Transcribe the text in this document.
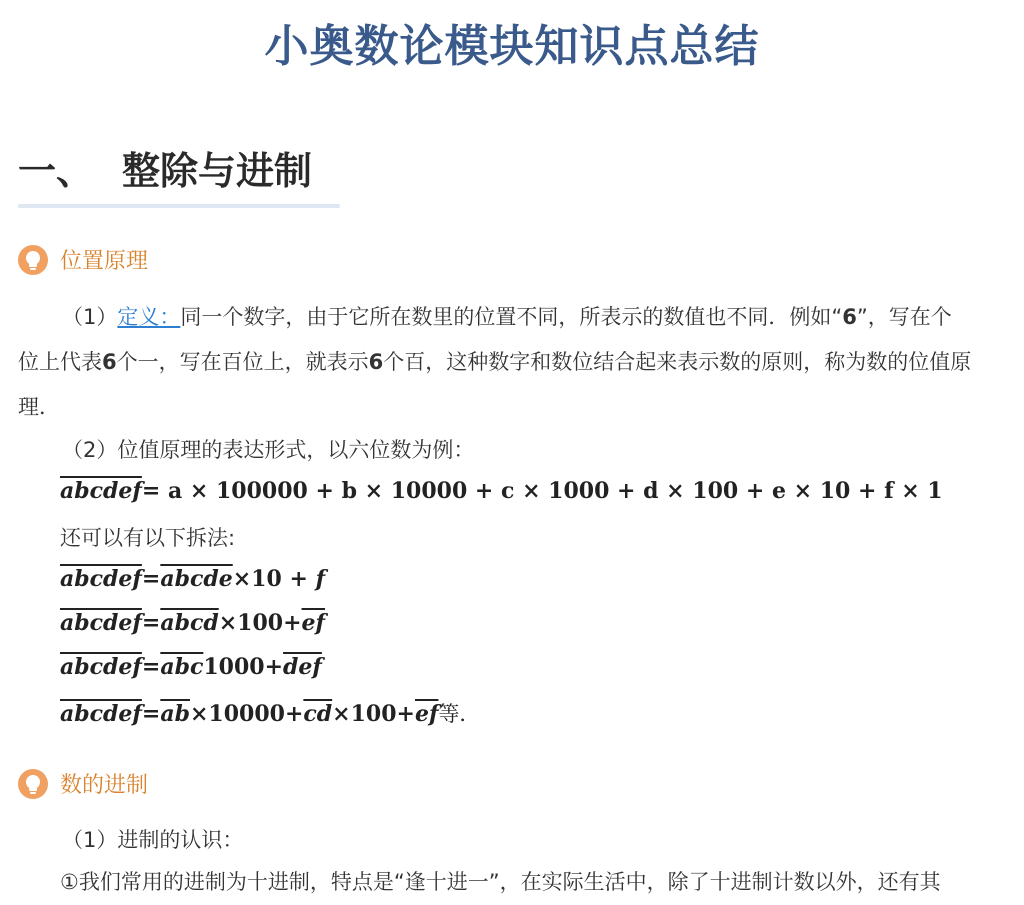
小奥数论模块知识点总结
一、 整除与进制
位置原理
（1）定义：同一个数字，由于它所在数里的位置不同，所表示的数值也不同．例如“6”，写在个
位上代表6个一，写在百位上，就表示6个百，这种数字和数位结合起来表示数的原则，称为数的位值原
理．
（2）位值原理的表达形式，以六位数为例：
abcdef= a × 100000 + b × 10000 + c × 1000 + d × 100 + e × 10 + f × 1
还可以有以下拆法:
abcdef=abcde×10 + f
$abcdef=abcd\times 100+\overline{ef}$
$abcdef=\overline{abc}1000+\overline{def}$
$abcdef=\overline{ab}\times 10000+\overline{cd}\times 100+\overline{ef}$等．
数的进制
（1）进制的认识：
①我们常用的进制为十进制，特点是“逢十进一”，在实际生活中，除了十进制计数以外，还有其
